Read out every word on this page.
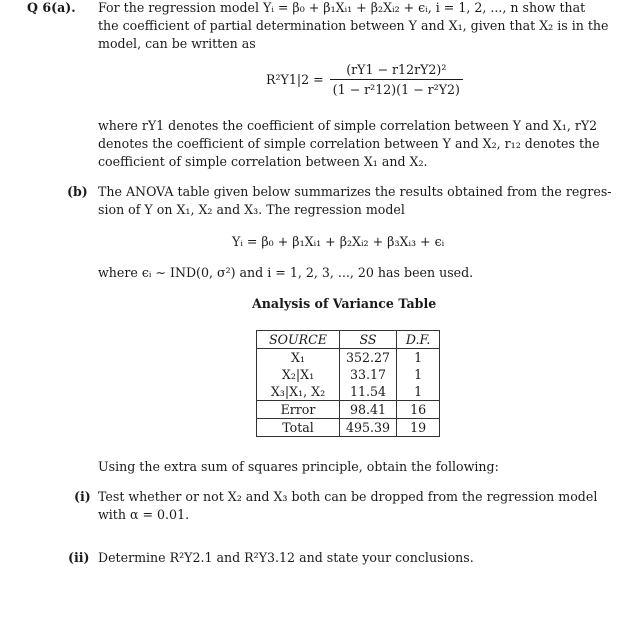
Q 6(a). For the regression model Yᵢ = β₀ + β₁Xᵢ₁ + β₂Xᵢ₂ + ϵᵢ, i = 1, 2, ..., n show that
the coefficient of partial determination between Y and X₁, given that X₂ is in the
model, can be written as
$R^2Y1|2 = \frac{\text{(rY1 − r12rY2)²}}{\text{(1 − r²12)(1 − r²Y2)}}$
where rY1 denotes the coefficient of simple correlation between Y and X₁, rY2
denotes the coefficient of simple correlation between Y and X₂, r₁₂ denotes the
coefficient of simple correlation between X₁ and X₂.
(b) The ANOVA table given below summarizes the results obtained from the regres-
sion of Y on X₁, X₂ and X₃. The regression model
Yᵢ = β₀ + β₁Xᵢ₁ + β₂Xᵢ₂ + β₃Xᵢ₃ + ϵᵢ
where ϵᵢ ∼ IND(0, σ²) and i = 1, 2, 3, ..., 20 has been used.
Analysis of Variance Table
SOURCE	SS	D.F.
X₁	352.27	1
X₂|X₁	33.17	1
X₃|X₁, X₂	11.54	1
Error	98.41	16
Total	495.39	19
Using the extra sum of squares principle, obtain the following:
(i) Test whether or not X₂ and X₃ both can be dropped from the regression model
with α = 0.01.
(ii) Determine R²Y2.1 and R²Y3.12 and state your conclusions.
